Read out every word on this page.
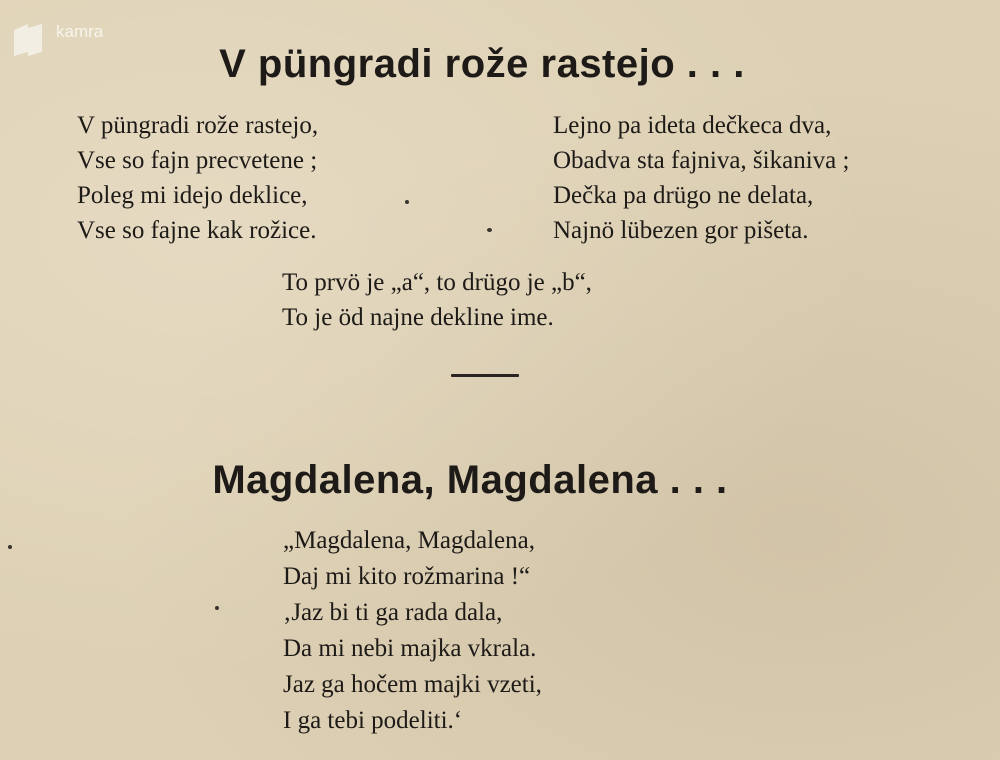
kamra
V püngradi rože rastejo . . .
V püngradi rože rastejo,
Vse so fajn precvetene ;
Poleg mi idejo deklice,
Vse so fajne kak rožice.
Lejno pa ideta dečkeca dva,
Obadva sta fajniva, šikaniva ;
Dečka pa drügo ne delata,
Najnö lübezen gor pišeta.
To prvö je „a“, to drügo je „b“,
To je öd najne dekline ime.
Magdalena, Magdalena . . .
„Magdalena, Magdalena,
Daj mi kito rožmarina !“
‚Jaz bi ti ga rada dala,
Da mi nebi majka vkrala.
Jaz ga hočem majki vzeti,
I ga tebi podeliti.‘
